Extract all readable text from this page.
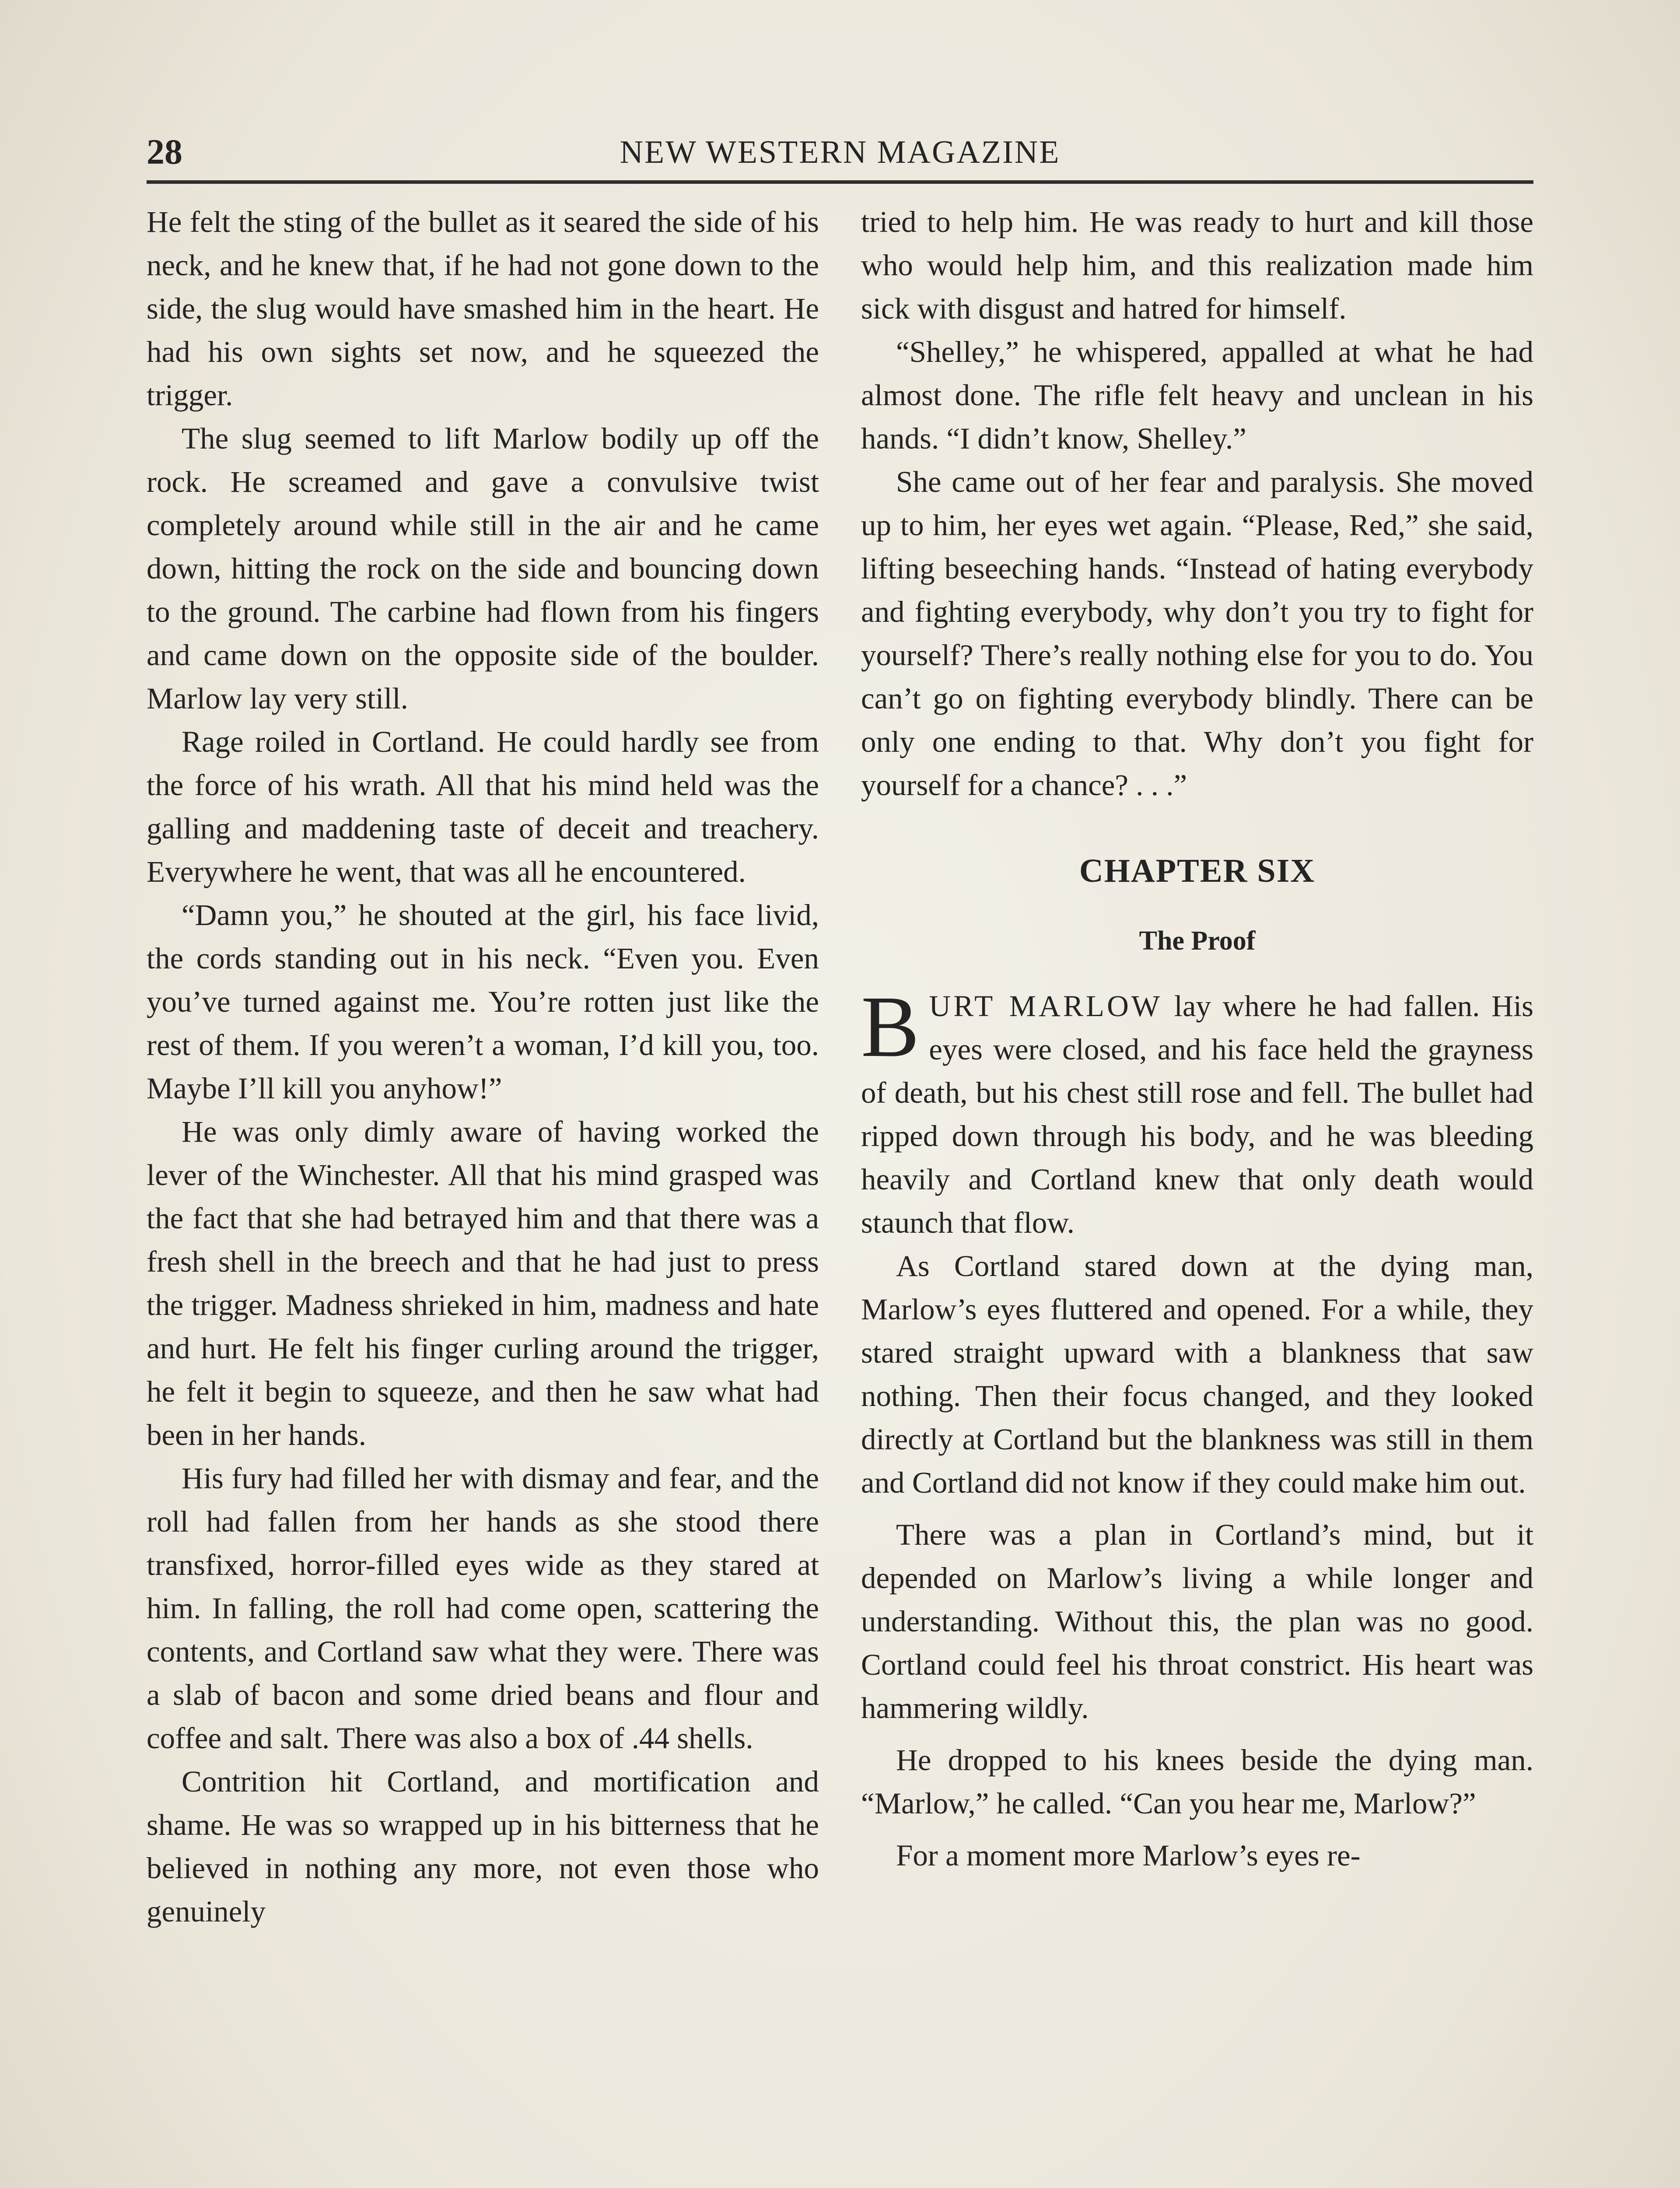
28	NEW WESTERN MAGAZINE

He felt the sting of the bullet as it seared the side of his neck, and he knew that, if he had not gone down to the side, the slug would have smashed him in the heart. He had his own sights set now, and he squeezed the trigger.

The slug seemed to lift Marlow bodily up off the rock. He screamed and gave a convulsive twist completely around while still in the air and he came down, hitting the rock on the side and bouncing down to the ground. The carbine had flown from his fingers and came down on the opposite side of the boulder. Marlow lay very still.

Rage roiled in Cortland. He could hardly see from the force of his wrath. All that his mind held was the galling and maddening taste of deceit and treachery. Everywhere he went, that was all he encountered.

“Damn you,” he shouted at the girl, his face livid, the cords standing out in his neck. “Even you. Even you’ve turned against me. You’re rotten just like the rest of them. If you weren’t a woman, I’d kill you, too. Maybe I’ll kill you anyhow!”

He was only dimly aware of having worked the lever of the Winchester. All that his mind grasped was the fact that she had betrayed him and that there was a fresh shell in the breech and that he had just to press the trigger. Madness shrieked in him, madness and hate and hurt. He felt his finger curling around the trigger, he felt it begin to squeeze, and then he saw what had been in her hands.

His fury had filled her with dismay and fear, and the roll had fallen from her hands as she stood there transfixed, horror-filled eyes wide as they stared at him. In falling, the roll had come open, scattering the contents, and Cortland saw what they were. There was a slab of bacon and some dried beans and flour and coffee and salt. There was also a box of .44 shells.

Contrition hit Cortland, and mortification and shame. He was so wrapped up in his bitterness that he believed in nothing any more, not even those who genuinely

tried to help him. He was ready to hurt and kill those who would help him, and this realization made him sick with disgust and hatred for himself.

“Shelley,” he whispered, appalled at what he had almost done. The rifle felt heavy and unclean in his hands. “I didn’t know, Shelley.”

She came out of her fear and paralysis. She moved up to him, her eyes wet again. “Please, Red,” she said, lifting beseeching hands. “Instead of hating everybody and fighting everybody, why don’t you try to fight for yourself? There’s really nothing else for you to do. You can’t go on fighting everybody blindly. There can be only one ending to that. Why don’t you fight for yourself for a chance? . . .”

CHAPTER SIX
The Proof

BURT MARLOW lay where he had fallen. His eyes were closed, and his face held the grayness of death, but his chest still rose and fell. The bullet had ripped down through his body, and he was bleeding heavily and Cortland knew that only death would staunch that flow.

As Cortland stared down at the dying man, Marlow’s eyes fluttered and opened. For a while, they stared straight upward with a blankness that saw nothing. Then their focus changed, and they looked directly at Cortland but the blankness was still in them and Cortland did not know if they could make him out.

There was a plan in Cortland’s mind, but it depended on Marlow’s living a while longer and understanding. Without this, the plan was no good. Cortland could feel his throat constrict. His heart was hammering wildly.

He dropped to his knees beside the dying man. “Marlow,” he called. “Can you hear me, Marlow?”

For a moment more Marlow’s eyes re-
